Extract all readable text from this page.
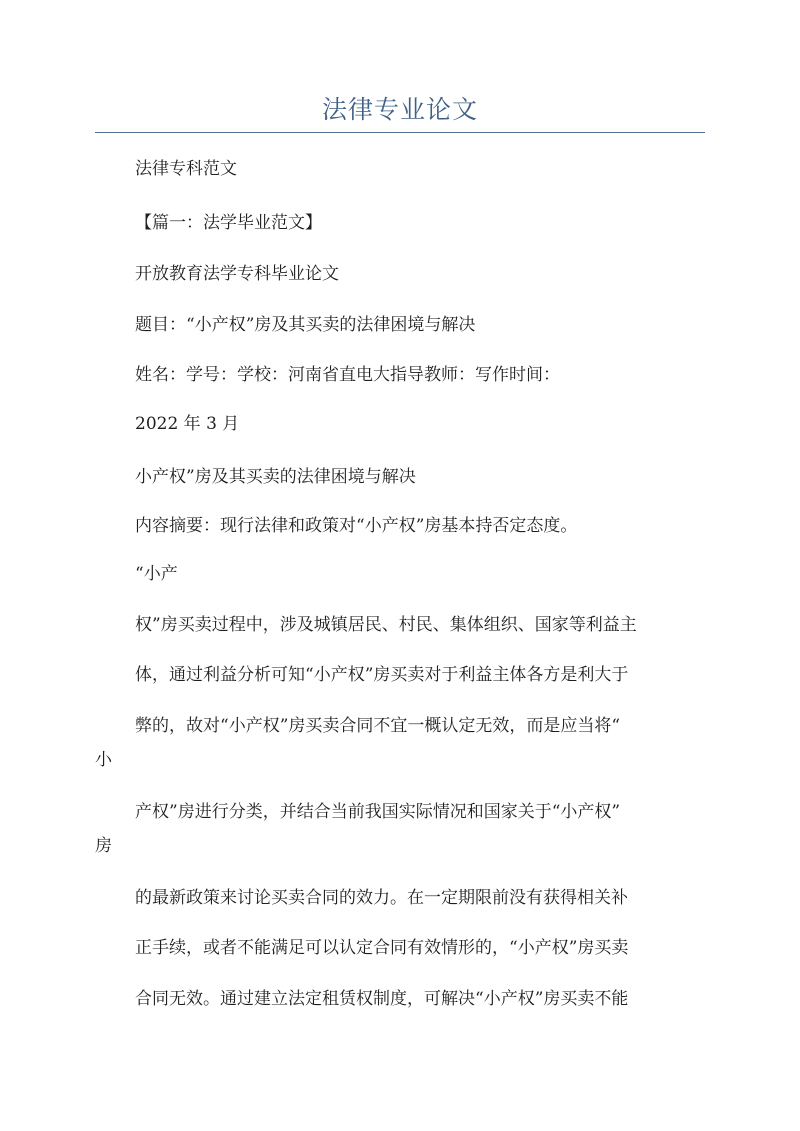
法律专业论文
法律专科范文
【篇一：法学毕业范文】
开放教育法学专科毕业论文
题目：“小产权”房及其买卖的法律困境与解决
姓名：学号：学校：河南省直电大指导教师：写作时间：
2022 年 3 月
小产权”房及其买卖的法律困境与解决
内容摘要：现行法律和政策对“小产权”房基本持否定态度。
“小产
权”房买卖过程中，涉及城镇居民、村民、集体组织、国家等利益主
体，通过利益分析可知“小产权”房买卖对于利益主体各方是利大于
弊的，故对“小产权”房买卖合同不宜一概认定无效，而是应当将“
小
产权”房进行分类，并结合当前我国实际情况和国家关于“小产权”
房
的最新政策来讨论买卖合同的效力。在一定期限前没有获得相关补
正手续，或者不能满足可以认定合同有效情形的，“小产权”房买卖
合同无效。通过建立法定租赁权制度，可解决“小产权”房买卖不能
